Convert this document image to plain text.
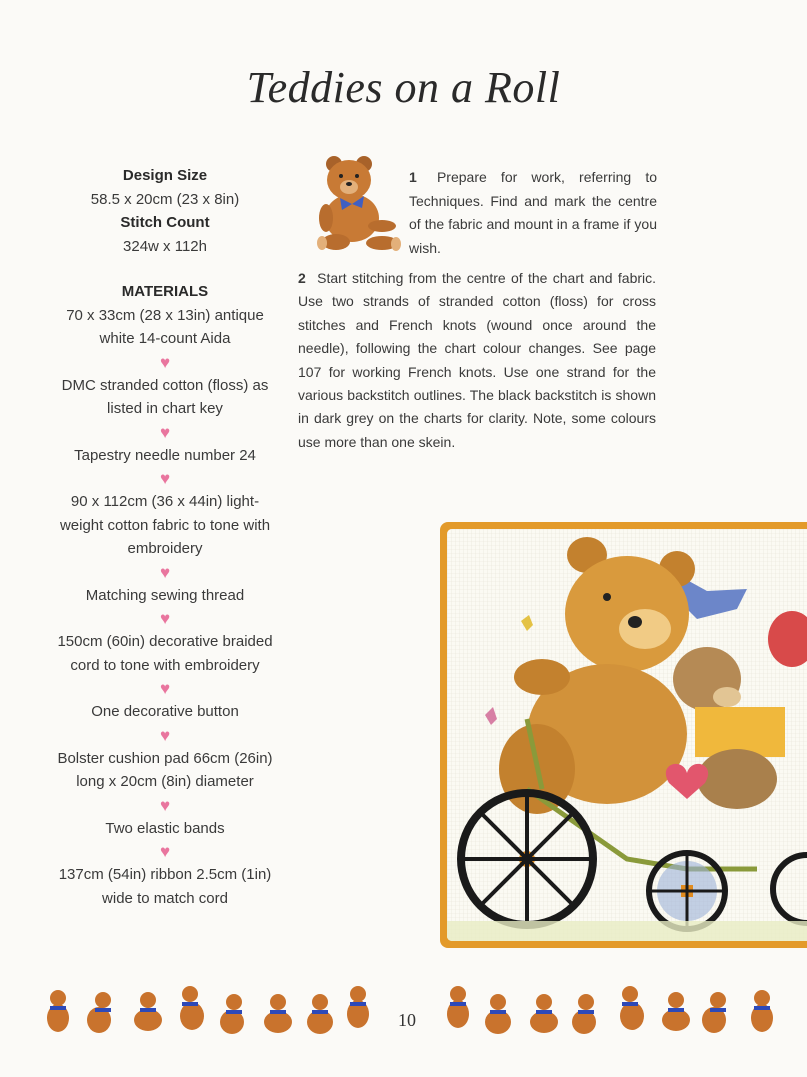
Teddies on a Roll
Design Size
58.5 x 20cm (23 x 8in)
Stitch Count
324w x 112h
MATERIALS
70 x 33cm (28 x 13in) antique white 14-count Aida
♥
DMC stranded cotton (floss) as listed in chart key
♥
Tapestry needle number 24
♥
90 x 112cm (36 x 44in) light-weight cotton fabric to tone with embroidery
♥
Matching sewing thread
♥
150cm (60in) decorative braided cord to tone with embroidery
♥
One decorative button
♥
Bolster cushion pad 66cm (26in) long x 20cm (8in) diameter
♥
Two elastic bands
♥
137cm (54in) ribbon 2.5cm (1in) wide to match cord
1 Prepare for work, referring to Techniques. Find and mark the centre of the fabric and mount in a frame if you wish.
2 Start stitching from the centre of the chart and fabric. Use two strands of stranded cotton (floss) for cross stitches and French knots (wound once around the needle), following the chart colour changes. See page 107 for working French knots. Use one strand for the various backstitch outlines. The black backstitch is shown in dark grey on the charts for clarity. Note, some colours use more than one skein.
10
